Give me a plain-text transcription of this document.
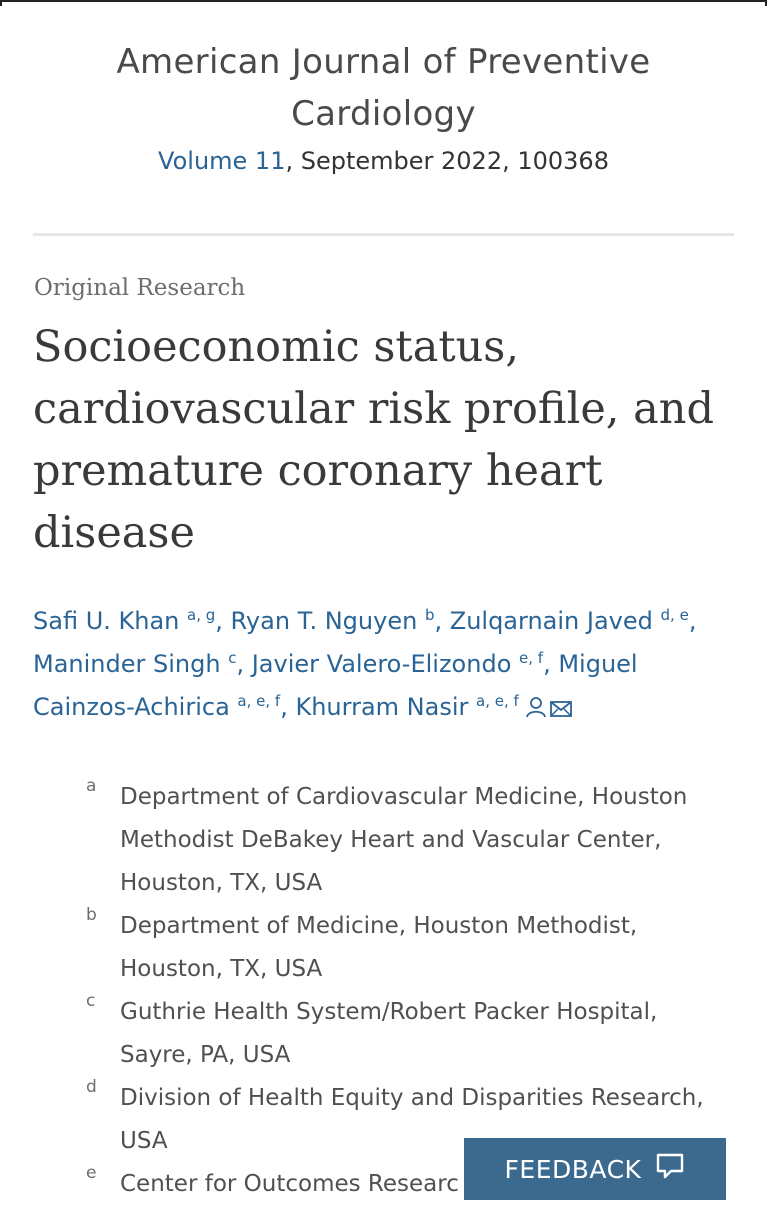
American Journal of Preventive
Cardiology
Volume 11, September 2022, 100368
Original Research
Socioeconomic status,
cardiovascular risk profile, and
premature coronary heart
disease
Safi U. Khan $^{a, g}$, Ryan T. Nguyen $^b$, Zulqarnain Javed $^{d, e}$,
Maninder Singh $^c$, Javier Valero-Elizondo $^{e, f}$, Miguel
Cainzos-Achirica $^{a, e, f}$, Khurram Nasir $^{a, e, f}$
a Department of Cardiovascular Medicine, Houston
Methodist DeBakey Heart and Vascular Center,
Houston, TX, USA
b Department of Medicine, Houston Methodist,
Houston, TX, USA
c Guthrie Health System/Robert Packer Hospital,
Sayre, PA, USA
d Division of Health Equity and Disparities Research,
USA
e Center for Outcomes Researc
FEEDBACK
